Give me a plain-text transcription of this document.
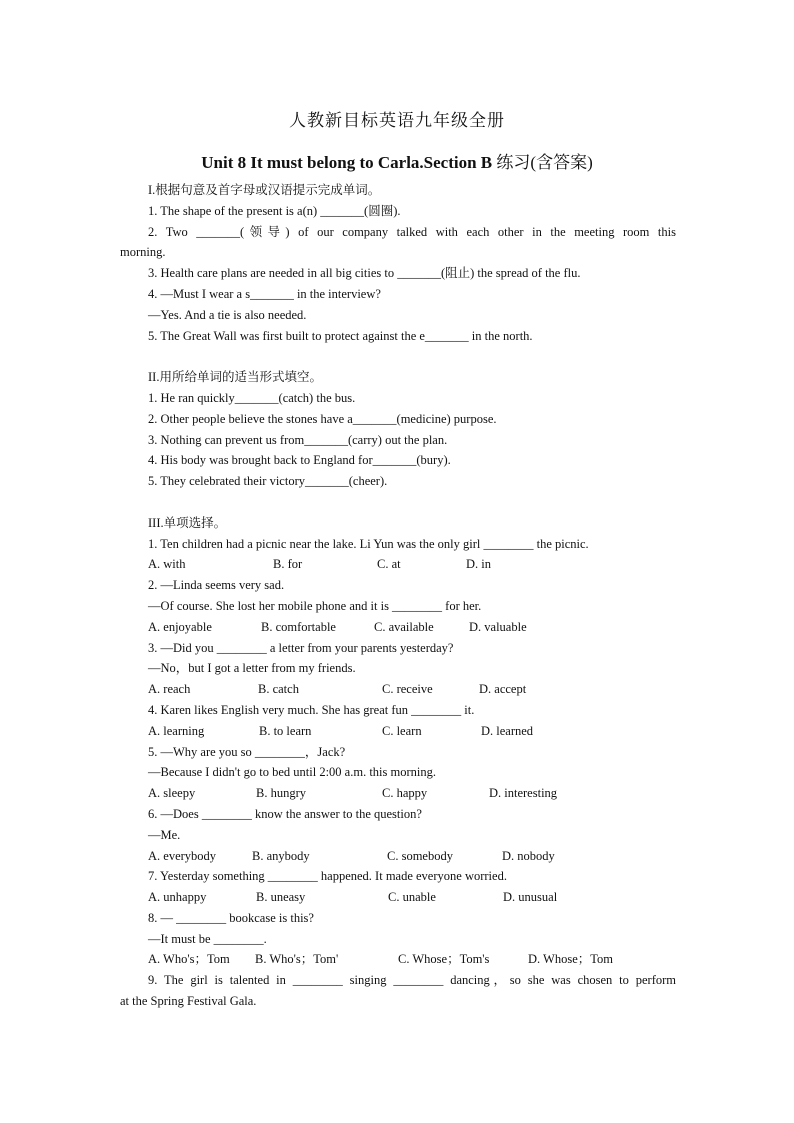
人教新目标英语九年级全册
Unit 8 It must belong to Carla.Section B 练习(含答案)
I.根据句意及首字母或汉语提示完成单词。
1. The shape of the present is a(n) _______(圆圈).
2. Two _______(领导) of our company talked with each other in the meeting room this
morning.
3. Health care plans are needed in all big cities to _______(阻止) the spread of the flu.
4. —Must I wear a s_______ in the interview?
—Yes. And a tie is also needed.
5. The Great Wall was first built to protect against the e_______ in the north.
II.用所给单词的适当形式填空。
1. He ran quickly_______(catch) the bus.
2. Other people believe the stones have a_______(medicine) purpose.
3. Nothing can prevent us from_______(carry) out the plan.
4. His body was brought back to England for_______(bury).
5. They celebrated their victory_______(cheer).
III.单项选择。
1. Ten children had a picnic near the lake. Li Yun was the only girl ________ the picnic.
A. with	B. for	C. at	D. in
2. —Linda seems very sad.
—Of course. She lost her mobile phone and it is ________ for her.
A. enjoyable	B. comfortable	C. available	D. valuable
3. —Did you ________ a letter from your parents yesterday?
—No，but I got a letter from my friends.
A. reach	B. catch	C. receive	D. accept
4. Karen likes English very much. She has great fun ________ it.
A. learning	B. to learn	C. learn	D. learned
5. —Why are you so ________，Jack?
—Because I didn't go to bed until 2:00 a.m. this morning.
A. sleepy	B. hungry	C. happy	D. interesting
6. —Does ________ know the answer to the question?
—Me.
A. everybody	B. anybody	C. somebody	D. nobody
7. Yesterday something ________ happened. It made everyone worried.
A. unhappy	B. uneasy	C. unable	D. unusual
8. — ________ bookcase is this?
—It must be ________.
A. Who's；Tom	B. Who's；Tom'	C. Whose；Tom's	D. Whose；Tom
9. The girl is talented in ________ singing ________ dancing，so she was chosen to perform
at the Spring Festival Gala.
